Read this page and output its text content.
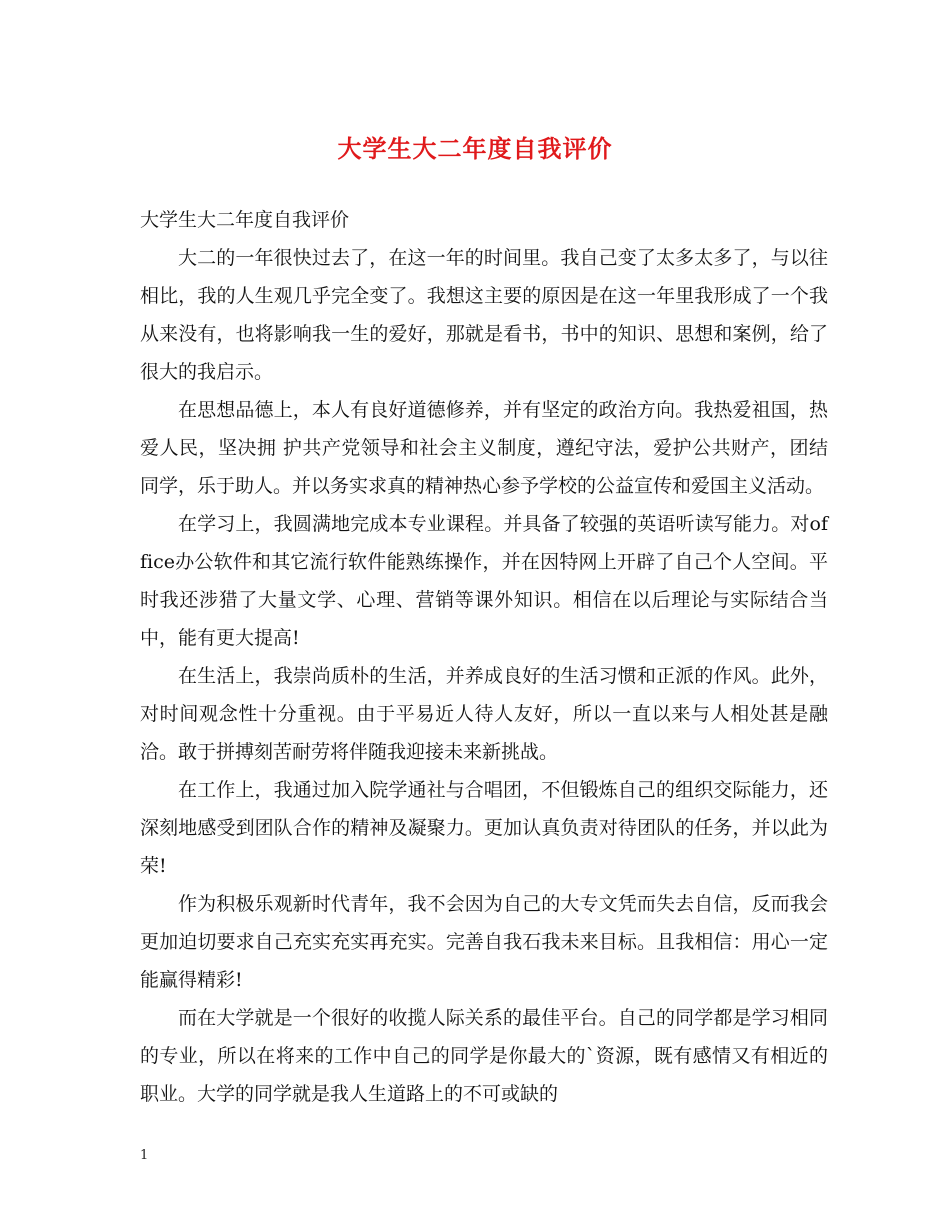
大学生大二年度自我评价

大学生大二年度自我评价

大二的一年很快过去了，在这一年的时间里。我自己变了太多太多了，与以往相比，我的人生观几乎完全变了。我想这主要的原因是在这一年里我形成了一个我从来没有，也将影响我一生的爱好，那就是看书，书中的知识、思想和案例，给了很大的我启示。

在思想品德上，本人有良好道德修养，并有坚定的政治方向。我热爱祖国，热爱人民，坚决拥 护共产党领导和社会主义制度，遵纪守法，爱护公共财产，团结同学，乐于助人。并以务实求真的精神热心参予学校的公益宣传和爱国主义活动。

在学习上，我圆满地完成本专业课程。并具备了较强的英语听读写能力。对office办公软件和其它流行软件能熟练操作，并在因特网上开辟了自己个人空间。平时我还涉猎了大量文学、心理、营销等课外知识。相信在以后理论与实际结合当中，能有更大提高!

在生活上，我崇尚质朴的生活，并养成良好的生活习惯和正派的作风。此外，对时间观念性十分重视。由于平易近人待人友好，所以一直以来与人相处甚是融洽。敢于拼搏刻苦耐劳将伴随我迎接未来新挑战。

在工作上，我通过加入院学通社与合唱团，不但锻炼自己的组织交际能力，还深刻地感受到团队合作的精神及凝聚力。更加认真负责对待团队的任务，并以此为荣!

作为积极乐观新时代青年，我不会因为自己的大专文凭而失去自信，反而我会更加迫切要求自己充实充实再充实。完善自我石我未来目标。且我相信：用心一定能赢得精彩!

而在大学就是一个很好的收揽人际关系的最佳平台。自己的同学都是学习相同的专业，所以在将来的工作中自己的同学是你最大的`资源，既有感情又有相近的职业。大学的同学就是我人生道路上的不可或缺的

1
